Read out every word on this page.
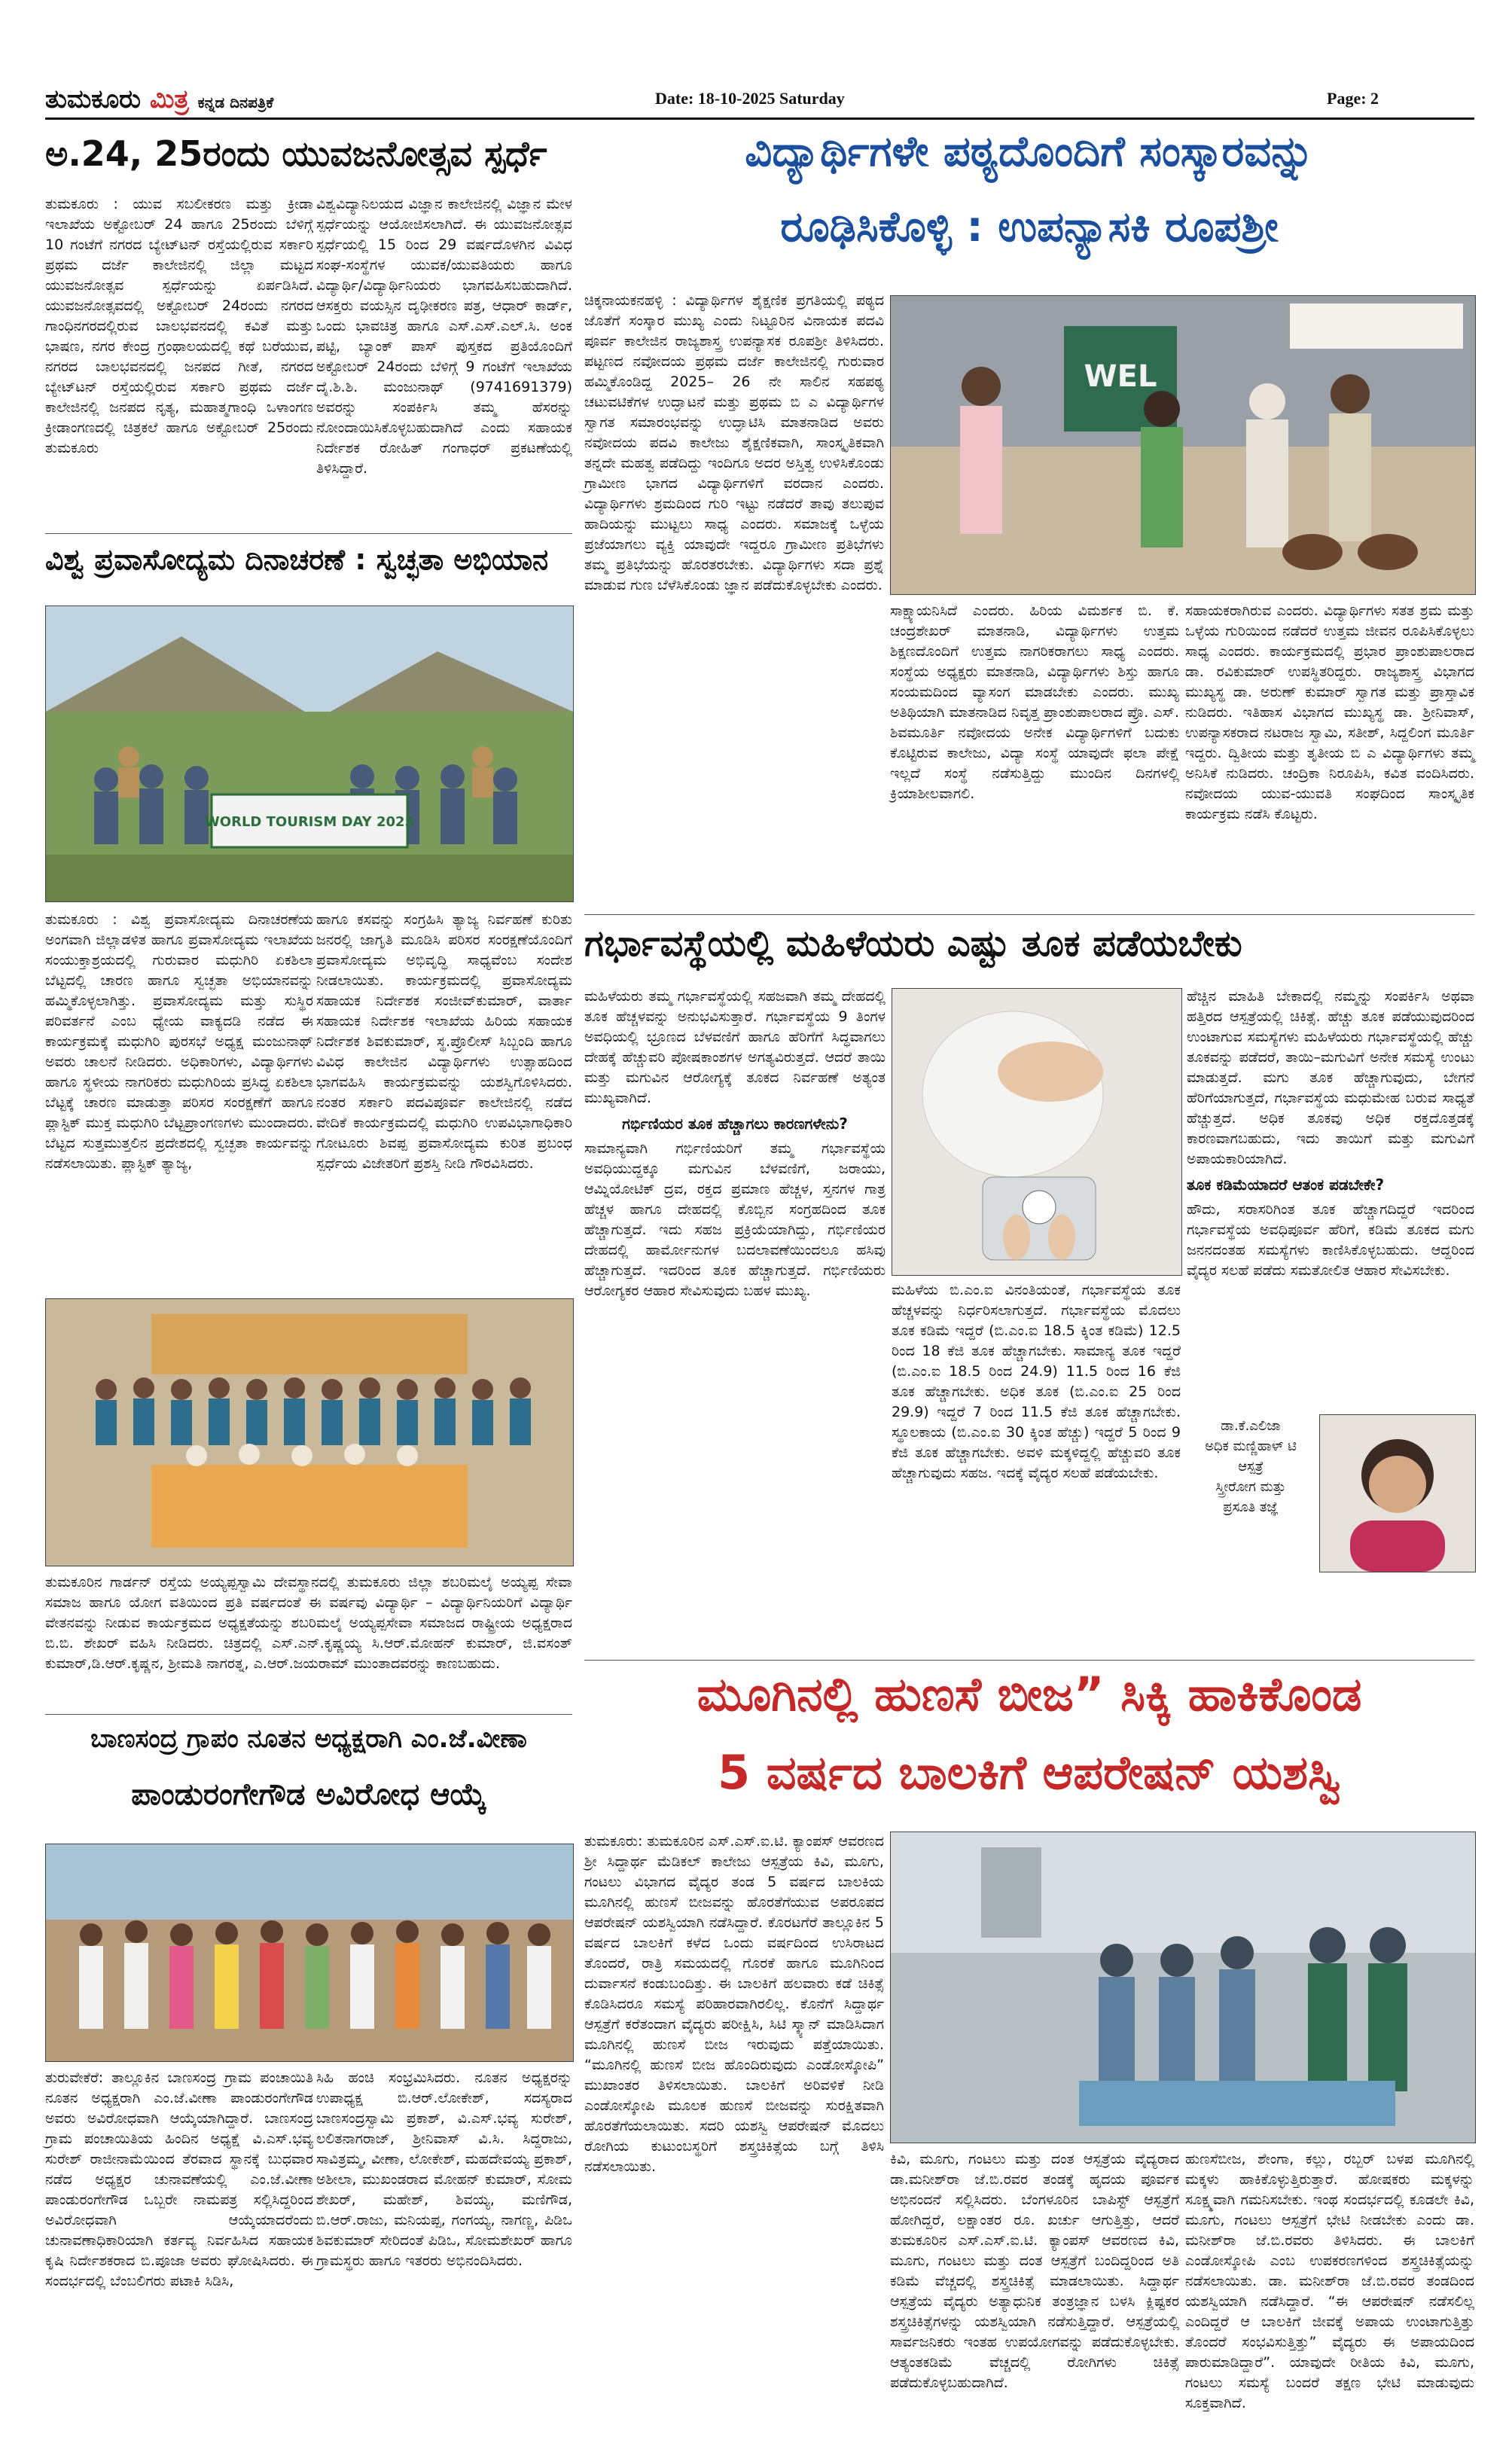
ತುಮಕೂರು ಮಿತ್ರ ಕನ್ನಡ ದಿನಪತ್ರಿಕೆ	Date: 18-10-2025 Saturday	Page: 2
ಅ.24, 25ರಂದು ಯುವಜನೋತ್ಸವ ಸ್ಪರ್ಧೆ
ತುಮಕೂರು : ಯುವ ಸಬಲೀಕರಣ ಮತ್ತು ಕ್ರೀಡಾ ಇಲಾಖೆಯ ಅಕ್ಟೋಬರ್ 24 ಹಾಗೂ 25ರಂದು ಬೆಳಿಗ್ಗೆ 10 ಗಂಟೆಗೆ ನಗರದ ಬ್ಯೇಟ್‌ಟನ್ ರಸ್ತೆಯಲ್ಲಿರುವ ಸರ್ಕಾರಿ ಪ್ರಥಮ ದರ್ಜೆ ಕಾಲೇಜಿನಲ್ಲಿ ಜಿಲ್ಲಾ ಮಟ್ಟದ ಯುವಜನೋತ್ಸವ ಸ್ಪರ್ಧೆಯನ್ನು ಏರ್ಪಡಿಸಿದೆ. ಯುವಜನೋತ್ಸವದಲ್ಲಿ ಅಕ್ಟೋಬರ್ 24ರಂದು ನಗರದ ಗಾಂಧಿನಗರದಲ್ಲಿರುವ ಬಾಲಭವನದಲ್ಲಿ ಕವಿತೆ ಮತ್ತು ಭಾಷಣ, ನಗರ ಕೇಂದ್ರ ಗ್ರಂಥಾಲಯದಲ್ಲಿ ಕಥೆ ಬರೆಯುವ, ನಗರದ ಬಾಲಭವನದಲ್ಲಿ ಜನಪದ ಗೀತೆ, ನಗರದ ಬ್ಯೇಟ್‌ಟನ್ ರಸ್ತೆಯಲ್ಲಿರುವ ಸರ್ಕಾರಿ ಪ್ರಥಮ ದರ್ಜೆ ಕಾಲೇಜಿನಲ್ಲಿ ಜನಪದ ನೃತ್ಯ, ಮಹಾತ್ಮಗಾಂಧಿ ಒಳಾಂಗಣ ಕ್ರೀಡಾಂಗಣದಲ್ಲಿ ಚಿತ್ರಕಲೆ ಹಾಗೂ ಅಕ್ಟೋಬರ್ 25ರಂದು ತುಮಕೂರು
ವಿಶ್ವವಿದ್ಯಾನಿಲಯದ ವಿಜ್ಞಾನ ಕಾಲೇಜಿನಲ್ಲಿ ವಿಜ್ಞಾನ ಮೇಳ ಸ್ಪರ್ಧೆಯನ್ನು ಆಯೋಜಿಸಲಾಗಿದೆ. ಈ ಯುವಜನೋತ್ಸವ ಸ್ಪರ್ಧೆಯಲ್ಲಿ 15 ರಿಂದ 29 ವರ್ಷದೊಳಗಿನ ವಿವಿಧ ಸಂಘ-ಸಂಸ್ಥೆಗಳ ಯುವಕ/ಯುವತಿಯರು ಹಾಗೂ ವಿದ್ಯಾರ್ಥಿ/ವಿದ್ಯಾರ್ಥಿನಿಯರು ಭಾಗವಹಿಸಬಹುದಾಗಿದೆ. ಆಸಕ್ತರು ವಯಸ್ಸಿನ ದೃಢೀಕರಣ ಪತ್ರ, ಆಧಾರ್ ಕಾರ್ಡ್, ಒಂದು ಭಾವಚಿತ್ರ ಹಾಗೂ ಎಸ್.ಎಸ್.ಎಲ್.ಸಿ. ಅಂಕ ಪಟ್ಟಿ, ಬ್ಯಾಂಕ್ ಪಾಸ್ ಪುಸ್ತಕದ ಪ್ರತಿಯೊಂದಿಗೆ ಅಕ್ಟೋಬರ್ 24ರಂದು ಬೆಳಿಗ್ಗೆ 9 ಗಂಟೆಗೆ ಇಲಾಖೆಯ ದೈ.ಶಿ.ಶಿ. ಮಂಜುನಾಥ್ (9741691379) ಅವರನ್ನು ಸಂಪರ್ಕಿಸಿ ತಮ್ಮ ಹೆಸರನ್ನು ನೋಂದಾಯಿಸಿಕೊಳ್ಳಬಹುದಾಗಿದೆ ಎಂದು ಸಹಾಯಕ ನಿರ್ದೇಶಕ ರೋಹಿತ್ ಗಂಗಾಧರ್ ಪ್ರಕಟಣೆಯಲ್ಲಿ ತಿಳಿಸಿದ್ದಾರೆ.
ವಿಶ್ವ ಪ್ರವಾಸೋದ್ಯಮ ದಿನಾಚರಣೆ : ಸ್ವಚ್ಛತಾ ಅಭಿಯಾನ
WORLD TOURISM DAY 2025
ತುಮಕೂರು : ವಿಶ್ವ ಪ್ರವಾಸೋದ್ಯಮ ದಿನಾಚರಣೆಯ ಅಂಗವಾಗಿ ಜಿಲ್ಲಾಡಳಿತ ಹಾಗೂ ಪ್ರವಾಸೋದ್ಯಮ ಇಲಾಖೆಯ ಸಂಯುಕ್ತಾಶ್ರಯದಲ್ಲಿ ಗುರುವಾರ ಮಧುಗಿರಿ ಏಕಶಿಲಾ ಬೆಟ್ಟದಲ್ಲಿ ಚಾರಣ ಹಾಗೂ ಸ್ವಚ್ಛತಾ ಅಭಿಯಾನವನ್ನು ಹಮ್ಮಿಕೊಳ್ಳಲಾಗಿತ್ತು. ಪ್ರವಾಸೋದ್ಯಮ ಮತ್ತು ಸುಸ್ಥಿರ ಪರಿವರ್ತನೆ ಎಂಬ ಧ್ಯೇಯ ವಾಕ್ಯದಡಿ ನಡೆದ ಈ ಕಾರ್ಯಕ್ರಮಕ್ಕೆ ಮಧುಗಿರಿ ಪುರಸಭೆ ಅಧ್ಯಕ್ಷ ಮಂಜುನಾಥ್ ಅವರು ಚಾಲನೆ ನೀಡಿದರು. ಅಧಿಕಾರಿಗಳು, ವಿದ್ಯಾರ್ಥಿಗಳು ಹಾಗೂ ಸ್ಥಳೀಯ ನಾಗರಿಕರು ಮಧುಗಿರಿಯ ಪ್ರಸಿದ್ಧ ಏಕಶಿಲಾ ಬೆಟ್ಟಕ್ಕೆ ಚಾರಣ ಮಾಡುತ್ತಾ ಪರಿಸರ ಸಂರಕ್ಷಣೆಗೆ ಹಾಗೂ ಪ್ಲಾಸ್ಟಿಕ್ ಮುಕ್ತ ಮಧುಗಿರಿ ಬೆಟ್ಟಪ್ರಾಂಗಣಗಳು ಮುಂದಾದರು. ಬೆಟ್ಟದ ಸುತ್ತಮುತ್ತಲಿನ ಪ್ರದೇಶದಲ್ಲಿ ಸ್ವಚ್ಛತಾ ಕಾರ್ಯವನ್ನು ನಡೆಸಲಾಯಿತು. ಪ್ಲಾಸ್ಟಿಕ್ ತ್ಯಾಜ್ಯ,
ಹಾಗೂ ಕಸವನ್ನು ಸಂಗ್ರಹಿಸಿ ತ್ಯಾಜ್ಯ ನಿರ್ವಹಣೆ ಕುರಿತು ಜನರಲ್ಲಿ ಜಾಗೃತಿ ಮೂಡಿಸಿ ಪರಿಸರ ಸಂರಕ್ಷಣೆಯೊಂದಿಗೆ ಪ್ರವಾಸೋದ್ಯಮ ಅಭಿವೃದ್ಧಿ ಸಾಧ್ಯವೆಂಬ ಸಂದೇಶ ನೀಡಲಾಯಿತು. ಕಾರ್ಯಕ್ರಮದಲ್ಲಿ ಪ್ರವಾಸೋದ್ಯಮ ಸಹಾಯಕ ನಿರ್ದೇಶಕ ಸಂಜೀವ್‌ಕುಮಾರ್, ವಾರ್ತಾ ಸಹಾಯಕ ನಿರ್ದೇಶಕ ಇಲಾಖೆಯ ಹಿರಿಯ ಸಹಾಯಕ ನಿರ್ದೇಶಕ ಶಿವಕುಮಾರ್, ಸ್ಥ.ಪ್ರೊಲೀಸ್ ಸಿಬ್ಬಂದಿ ಹಾಗೂ ವಿವಿಧ ಕಾಲೇಜಿನ ವಿದ್ಯಾರ್ಥಿಗಳು ಉತ್ಸಾಹದಿಂದ ಭಾಗವಹಿಸಿ ಕಾರ್ಯಕ್ರಮವನ್ನು ಯಶಸ್ವಿಗೊಳಿಸಿದರು. ನಂತರ ಸರ್ಕಾರಿ ಪದವಿಪೂರ್ವ ಕಾಲೇಜಿನಲ್ಲಿ ನಡೆದ ವೇದಿಕೆ ಕಾರ್ಯಕ್ರಮದಲ್ಲಿ ಮಧುಗಿರಿ ಉಪವಿಭಾಗಾಧಿಕಾರಿ ಗೋಟೂರು ಶಿವಪ್ಪ ಪ್ರವಾಸೋದ್ಯಮ ಕುರಿತ ಪ್ರಬಂಧ ಸ್ಪರ್ಧೆಯ ವಿಜೇತರಿಗೆ ಪ್ರಶಸ್ತಿ ನೀಡಿ ಗೌರವಿಸಿದರು.
ತುಮಕೂರಿನ ಗಾರ್ಡನ್ ರಸ್ತೆಯ ಅಯ್ಯಪ್ಪಸ್ವಾಮಿ ದೇವಸ್ಥಾನದಲ್ಲಿ ತುಮಕೂರು ಜಿಲ್ಲಾ ಶಬರಿಮಲೈ ಅಯ್ಯಪ್ಪ ಸೇವಾ ಸಮಾಜ ಹಾಗೂ ಯೋಗ ವತಿಯಿಂದ ಪ್ರತಿ ವರ್ಷದಂತೆ ಈ ವರ್ಷವು ವಿದ್ಯಾರ್ಥಿ – ವಿದ್ಯಾರ್ಥಿನಿಯರಿಗೆ ವಿದ್ಯಾರ್ಥಿ ವೇತನವನ್ನು ನೀಡುವ ಕಾರ್ಯಕ್ರಮದ ಅಧ್ಯಕ್ಷತೆಯನ್ನು ಶಬರಿಮಲೈ ಅಯ್ಯಪ್ಪಸೇವಾ ಸಮಾಜದ ರಾಷ್ಟ್ರೀಯ ಅಧ್ಯಕ್ಷರಾದ ಬಿ.ಬಿ. ಶೇಖರ್ ವಹಿಸಿ ನೀಡಿದರು. ಚಿತ್ರದಲ್ಲಿ ಎಸ್.ಎನ್.ಕೃಷ್ಣಯ್ಯ ಸಿ.ಆರ್.ಮೋಹನ್ ಕುಮಾರ್, ಜಿ.ವಸಂತ್ ಕುಮಾರ್,ಡಿ.ಆರ್.ಕೃಷ್ಣನ, ಶ್ರೀಮತಿ ನಾಗರತ್ನ, ಎ.ಆರ್.ಜಯರಾಮ್ ಮುಂತಾದವರನ್ನು ಕಾಣಬಹುದು.
ಬಾಣಸಂದ್ರ ಗ್ರಾಪಂ ನೂತನ ಅಧ್ಯಕ್ಷರಾಗಿ ಎಂ.ಜೆ.ವೀಣಾ
ಪಾಂಡುರಂಗೇಗೌಡ ಅವಿರೋಧ ಆಯ್ಕೆ
ತುರುವೇಕೆರೆ: ತಾಲ್ಲೂಕಿನ ಬಾಣಸಂದ್ರ ಗ್ರಾಮ ಪಂಚಾಯಿತಿ ನೂತನ ಅಧ್ಯಕ್ಷರಾಗಿ ಎಂ.ಜೆ.ವೀಣಾ ಪಾಂಡುರಂಗೇಗೌಡ ಅವರು ಅವಿರೋಧವಾಗಿ ಆಯ್ಕೆಯಾಗಿದ್ದಾರೆ. ಬಾಣಸಂದ್ರ ಗ್ರಾಮ ಪಂಚಾಯಿತಿಯ ಹಿಂದಿನ ಅಧ್ಯಕ್ಷೆ ವಿ.ಎಸ್.ಭವ್ಯ ಸುರೇಶ್ ರಾಜೀನಾಮೆಯಿಂದ ತೆರವಾದ ಸ್ಥಾನಕ್ಕೆ ಬುಧವಾರ ನಡೆದ ಅಧ್ಯಕ್ಷರ ಚುನಾವಣೆಯಲ್ಲಿ ಎಂ.ಜೆ.ವೀಣಾ ಪಾಂಡುರಂಗೇಗೌಡ ಒಬ್ಬರೇ ನಾಮಪತ್ರ ಸಲ್ಲಿಸಿದ್ದರಿಂದ ಅವಿರೋಧವಾಗಿ ಆಯ್ಕೆಯಾದರೆಂದು ಚುನಾವಣಾಧಿಕಾರಿಯಾಗಿ ಕರ್ತವ್ಯ ನಿರ್ವಹಿಸಿದ ಸಹಾಯಕ ಕೃಷಿ ನಿರ್ದೇಶಕರಾದ ಬಿ.ಪೂಜಾ ಅವರು ಘೋಷಿಸಿದರು. ಈ ಸಂದರ್ಭದಲ್ಲಿ ಬೆಂಬಲಿಗರು ಪಟಾಕಿ ಸಿಡಿಸಿ,
ಸಿಹಿ ಹಂಚಿ ಸಂಭ್ರಮಿಸಿದರು. ನೂತನ ಅಧ್ಯಕ್ಷರನ್ನು ಉಪಾಧ್ಯಕ್ಷ ಬಿ.ಆರ್.ಲೋಕೇಶ್, ಸದಸ್ಯರಾದ ಬಾಣಸಂದ್ರಸ್ವಾಮಿ ಪ್ರಕಾಶ್, ವಿ.ಎಸ್.ಭವ್ಯ ಸುರೇಶ್, ಲಲಿತನಾಗರಾಜ್, ಶ್ರೀನಿವಾಸ್ ವಿ.ಸಿ. ಸಿದ್ದರಾಜು, ಸಾವಿತ್ರಮ್ಮ, ವೀಣಾ, ಲೋಕೇಶ್, ಮಹದೇವಯ್ಯ ಪ್ರಕಾಶ್, ಅಶೀಲಾ, ಮುಖಂಡರಾದ ಮೋಹನ್ ಕುಮಾರ್, ಸೋಮ ಶೇಖರ್, ಮಹೇಶ್, ಶಿವಯ್ಯ, ಮಣಿಗೌಡ, ಬಿ.ಆರ್.ರಾಜು, ಮನಿಯಪ್ಪ, ಗಂಗಯ್ಯ, ನಾಗಣ್ಣ, ಪಿಡಿಒ ಶಿವಕುಮಾರ್ ಸೇರಿದಂತೆ ಪಿಡಿಒ, ಸೋಮಶೇಖರ್ ಹಾಗೂ ಗ್ರಾಮಸ್ಥರು ಹಾಗೂ ಇತರರು ಅಭಿನಂದಿಸಿದರು.
ವಿದ್ಯಾರ್ಥಿಗಳೇ ಪಠ್ಯದೊಂದಿಗೆ ಸಂಸ್ಕಾರವನ್ನು
ರೂಢಿಸಿಕೊಳ್ಳಿ : ಉಪನ್ಯಾಸಕಿ ರೂಪಶ್ರೀ
ಚಿಕ್ಕನಾಯಕನಹಳ್ಳಿ : ವಿದ್ಯಾರ್ಥಿಗಳ ಶೈಕ್ಷಣಿಕ ಪ್ರಗತಿಯಲ್ಲಿ ಪಠ್ಯದ ಜೊತೆಗೆ ಸಂಸ್ಕಾರ ಮುಖ್ಯ ಎಂದು ನಿಟ್ಟೂರಿನ ವಿನಾಯಕ ಪದವಿ ಪೂರ್ವ ಕಾಲೇಜಿನ ರಾಜ್ಯಶಾಸ್ತ್ರ ಉಪನ್ಯಾಸಕ ರೂಪಶ್ರೀ ತಿಳಿಸಿದರು. ಪಟ್ಟಣದ ನವೋದಯ ಪ್ರಥಮ ದರ್ಜೆ ಕಾಲೇಜಿನಲ್ಲಿ ಗುರುವಾರ ಹಮ್ಮಿಕೊಂಡಿದ್ದ 2025– 26 ನೇ ಸಾಲಿನ ಸಹಪಠ್ಯ ಚಟುವಟಿಕೆಗಳ ಉದ್ಘಾಟನೆ ಮತ್ತು ಪ್ರಥಮ ಬಿ ಎ ವಿದ್ಯಾರ್ಥಿಗಳ ಸ್ವಾಗತ ಸಮಾರಂಭವನ್ನು ಉದ್ಘಾಟಿಸಿ ಮಾತನಾಡಿದ ಅವರು ನವೋದಯ ಪದವಿ ಕಾಲೇಜು ಶೈಕ್ಷಣಿಕವಾಗಿ, ಸಾಂಸ್ಕೃತಿಕವಾಗಿ ತನ್ನದೇ ಮಹತ್ವ ಪಡೆದಿದ್ದು ಇಂದಿಗೂ ಅದರ ಅಸ್ತಿತ್ವ ಉಳಿಸಿಕೊಂಡು ಗ್ರಾಮೀಣ ಭಾಗದ ವಿದ್ಯಾರ್ಥಿಗಳಿಗೆ ವರದಾನ ಎಂದರು. ವಿದ್ಯಾರ್ಥಿಗಳು ಶ್ರಮದಿಂದ ಗುರಿ ಇಟ್ಟು ನಡೆದರೆ ತಾವು ತಲುಪುವ ಹಾದಿಯನ್ನು ಮುಟ್ಟಲು ಸಾಧ್ಯ ಎಂದರು. ಸಮಾಜಕ್ಕೆ ಒಳ್ಳೆಯ ಪ್ರಜೆಯಾಗಲು ವ್ಯಕ್ತಿ ಯಾವುದೇ ಇದ್ದರೂ ಗ್ರಾಮೀಣ ಪ್ರತಿಭೆಗಳು ತಮ್ಮ ಪ್ರತಿಭೆಯನ್ನು ಹೊರತರಬೇಕು. ವಿದ್ಯಾರ್ಥಿಗಳು ಸದಾ ಪ್ರಶ್ನೆ ಮಾಡುವ ಗುಣ ಬೆಳೆಸಿಕೊಂಡು ಜ್ಞಾನ ಪಡೆದುಕೊಳ್ಳಬೇಕು ಎಂದರು.
WEL
ಸಾಕ್ಷ್ಯಾಯನಿಸಿದೆ ಎಂದರು. ಹಿರಿಯ ವಿಮರ್ಶಕ ಬಿ. ಕೆ. ಚಂದ್ರಶೇಖರ್ ಮಾತನಾಡಿ, ವಿದ್ಯಾರ್ಥಿಗಳು ಉತ್ತಮ ಶಿಕ್ಷಣದೊಂದಿಗೆ ಉತ್ತಮ ನಾಗರಿಕರಾಗಲು ಸಾಧ್ಯ ಎಂದರು. ಸಂಸ್ಥೆಯ ಅಧ್ಯಕ್ಷರು ಮಾತನಾಡಿ, ವಿದ್ಯಾರ್ಥಿಗಳು ಶಿಸ್ತು ಹಾಗೂ ಸಂಯಮದಿಂದ ವ್ಯಾಸಂಗ ಮಾಡಬೇಕು ಎಂದರು. ಮುಖ್ಯ ಅತಿಥಿಯಾಗಿ ಮಾತನಾಡಿದ ನಿವೃತ್ತ ಪ್ರಾಂಶುಪಾಲರಾದ ಪ್ರೊ. ಎಸ್. ಶಿವಮೂರ್ತಿ ನವೋದಯ ಅನೇಕ ವಿದ್ಯಾರ್ಥಿಗಳಿಗೆ ಬದುಕು ಕೊಟ್ಟಿರುವ ಕಾಲೇಜು, ವಿದ್ಯಾ ಸಂಸ್ಥೆ ಯಾವುದೇ ಫಲಾ ಪೇಕ್ಷೆ ಇಲ್ಲದೆ ಸಂಸ್ಥೆ ನಡೆಸುತ್ತಿದ್ದು ಮುಂದಿನ ದಿನಗಳಲ್ಲಿ ಕ್ರಿಯಾಶೀಲವಾಗಲಿ.
ಸಹಾಯಕರಾಗಿರುವ ಎಂದರು. ವಿದ್ಯಾರ್ಥಿಗಳು ಸತತ ಶ್ರಮ ಮತ್ತು ಒಳ್ಳೆಯ ಗುರಿಯಿಂದ ನಡೆದರೆ ಉತ್ತಮ ಜೀವನ ರೂಪಿಸಿಕೊಳ್ಳಲು ಸಾಧ್ಯ ಎಂದರು. ಕಾರ್ಯಕ್ರಮದಲ್ಲಿ ಪ್ರಭಾರ ಪ್ರಾಂಶುಪಾಲರಾದ ಡಾ. ರವಿಕುಮಾರ್ ಉಪಸ್ಥಿತರಿದ್ದರು. ರಾಜ್ಯಶಾಸ್ತ್ರ ವಿಭಾಗದ ಮುಖ್ಯಸ್ಥ ಡಾ. ಅರುಣ್ ಕುಮಾರ್ ಸ್ವಾಗತ ಮತ್ತು ಪ್ರಾಸ್ತಾವಿಕ ನುಡಿದರು. ಇತಿಹಾಸ ವಿಭಾಗದ ಮುಖ್ಯಸ್ಥ ಡಾ. ಶ್ರೀನಿವಾಸ್, ಉಪನ್ಯಾಸಕರಾದ ನಟರಾಜ ಸ್ವಾಮಿ, ಸತೀಶ್, ಸಿದ್ದಲಿಂಗ ಮೂರ್ತಿ ಇದ್ದರು. ದ್ವಿತೀಯ ಮತ್ತು ತೃತೀಯ ಬಿ ಎ ವಿದ್ಯಾರ್ಥಿಗಳು ತಮ್ಮ ಅನಿಸಿಕೆ ನುಡಿದರು. ಚಂದ್ರಿಕಾ ನಿರೂಪಿಸಿ, ಕವಿತ ವಂದಿಸಿದರು. ನವೋದಯ ಯುವ-ಯುವತಿ ಸಂಘದಿಂದ ಸಾಂಸ್ಕೃತಿಕ ಕಾರ್ಯಕ್ರಮ ನಡೆಸಿ ಕೊಟ್ಟರು.
ಗರ್ಭಾವಸ್ಥೆಯಲ್ಲಿ ಮಹಿಳೆಯರು ಎಷ್ಟು ತೂಕ ಪಡೆಯಬೇಕು

ಮಹಿಳೆಯರು ತಮ್ಮ ಗರ್ಭಾವಸ್ಥೆಯಲ್ಲಿ ಸಹಜವಾಗಿ ತಮ್ಮ ದೇಹದಲ್ಲಿ ತೂಕ ಹೆಚ್ಚಳವನ್ನು ಅನುಭವಿಸುತ್ತಾರೆ. ಗರ್ಭಾವಸ್ಥೆಯ 9 ತಿಂಗಳ ಅವಧಿಯಲ್ಲಿ ಭ್ರೂಣದ ಬೆಳವಣಿಗೆ ಹಾಗೂ ಹೆರಿಗೆಗೆ ಸಿದ್ಧವಾಗಲು ದೇಹಕ್ಕೆ ಹೆಚ್ಚುವರಿ ಪೋಷಕಾಂಶಗಳ ಅಗತ್ಯವಿರುತ್ತದೆ. ಆದರೆ ತಾಯಿ ಮತ್ತು ಮಗುವಿನ ಆರೋಗ್ಯಕ್ಕೆ ತೂಕದ ನಿರ್ವಹಣೆ ಅತ್ಯಂತ ಮುಖ್ಯವಾಗಿದೆ.

ಗರ್ಭಿಣಿಯರ ತೂಕ ಹೆಚ್ಚಾಗಲು ಕಾರಣಗಳೇನು?

ಸಾಮಾನ್ಯವಾಗಿ ಗರ್ಭಿಣಿಯರಿಗೆ ತಮ್ಮ ಗರ್ಭಾವಸ್ಥೆಯ ಅವಧಿಯುದ್ದಕ್ಕೂ ಮಗುವಿನ ಬೆಳವಣಿಗೆ, ಜರಾಯು, ಆಮ್ನಿಯೋಟಿಕ್ ದ್ರವ, ರಕ್ತದ ಪ್ರಮಾಣ ಹೆಚ್ಚಳ, ಸ್ತನಗಳ ಗಾತ್ರ ಹೆಚ್ಚಳ ಹಾಗೂ ದೇಹದಲ್ಲಿ ಕೊಬ್ಬಿನ ಸಂಗ್ರಹದಿಂದ ತೂಕ ಹೆಚ್ಚಾಗುತ್ತದೆ. ಇದು ಸಹಜ ಪ್ರಕ್ರಿಯೆಯಾಗಿದ್ದು, ಗರ್ಭಿಣಿಯರ ದೇಹದಲ್ಲಿ ಹಾರ್ಮೋನುಗಳ ಬದಲಾವಣೆಯಿಂದಲೂ ಹಸಿವು ಹೆಚ್ಚಾಗುತ್ತದೆ. ಇದರಿಂದ ತೂಕ ಹೆಚ್ಚಾಗುತ್ತದೆ. ಗರ್ಭಿಣಿಯರು ಆರೋಗ್ಯಕರ ಆಹಾರ ಸೇವಿಸುವುದು ಬಹಳ ಮುಖ್ಯ.	ಮಹಿಳೆಯ ಬಿ.ಎಂ.ಐ ವಿನಂತಿಯಂತೆ, ಗರ್ಭಾವಸ್ಥೆಯ ತೂಕ ಹೆಚ್ಚಳವನ್ನು ನಿರ್ಧರಿಸಲಾಗುತ್ತದೆ. ಗರ್ಭಾವಸ್ಥೆಯ ಮೊದಲು ತೂಕ ಕಡಿಮೆ ಇದ್ದರೆ (ಬಿ.ಎಂ.ಐ 18.5 ಕ್ಕಿಂತ ಕಡಿಮೆ) 12.5 ರಿಂದ 18 ಕೆಜಿ ತೂಕ ಹೆಚ್ಚಾಗಬೇಕು. ಸಾಮಾನ್ಯ ತೂಕ ಇದ್ದರೆ (ಬಿ.ಎಂ.ಐ 18.5 ರಿಂದ 24.9) 11.5 ರಿಂದ 16 ಕೆಜಿ ತೂಕ ಹೆಚ್ಚಾಗಬೇಕು. ಅಧಿಕ ತೂಕ (ಬಿ.ಎಂ.ಐ 25 ರಿಂದ 29.9) ಇದ್ದರೆ 7 ರಿಂದ 11.5 ಕೆಜಿ ತೂಕ ಹೆಚ್ಚಾಗಬೇಕು. ಸ್ಥೂಲಕಾಯ (ಬಿ.ಎಂ.ಐ 30 ಕ್ಕಿಂತ ಹೆಚ್ಚು) ಇದ್ದರೆ 5 ರಿಂದ 9 ಕೆಜಿ ತೂಕ ಹೆಚ್ಚಾಗಬೇಕು. ಅವಳಿ ಮಕ್ಕಳಿದ್ದಲ್ಲಿ ಹೆಚ್ಚುವರಿ ತೂಕ ಹೆಚ್ಚಾಗುವುದು ಸಹಜ. ಇದಕ್ಕೆ ವೈದ್ಯರ ಸಲಹೆ ಪಡೆಯಬೇಕು.

ಹೆಚ್ಚಿನ ಮಾಹಿತಿ ಬೇಕಾದಲ್ಲಿ ನಮ್ಮನ್ನು ಸಂಪರ್ಕಿಸಿ ಅಥವಾ ಹತ್ತಿರದ ಆಸ್ಪತ್ರೆಯಲ್ಲಿ ಚಿಕಿತ್ಸೆ. ಹೆಚ್ಚು ತೂಕ ಪಡೆಯುವುದರಿಂದ ಉಂಟಾಗುವ ಸಮಸ್ಯೆಗಳು ಮಹಿಳೆಯರು ಗರ್ಭಾವಸ್ಥೆಯಲ್ಲಿ ಹೆಚ್ಚು ತೂಕವನ್ನು ಪಡೆದರೆ, ತಾಯಿ–ಮಗುವಿಗೆ ಅನೇಕ ಸಮಸ್ಯೆ ಉಂಟು ಮಾಡುತ್ತದೆ. ಮಗು ತೂಕ ಹೆಚ್ಚಾಗುವುದು, ಬೇಗನೆ ಹೆರಿಗೆಯಾಗುತ್ತದೆ, ಗರ್ಭಾವಸ್ಥೆಯ ಮಧುಮೇಹ ಬರುವ ಸಾಧ್ಯತೆ ಹೆಚ್ಚುತ್ತದೆ. ಅಧಿಕ ತೂಕವು ಅಧಿಕ ರಕ್ತದೊತ್ತಡಕ್ಕೆ ಕಾರಣವಾಗಬಹುದು, ಇದು ತಾಯಿಗೆ ಮತ್ತು ಮಗುವಿಗೆ ಅಪಾಯಕಾರಿಯಾಗಿದೆ.

ತೂಕ ಕಡಿಮೆಯಾದರೆ ಆತಂಕ ಪಡಬೇಕೇ?

ಹೌದು, ಸರಾಸರಿಗಿಂತ ತೂಕ ಹೆಚ್ಚಾಗದಿದ್ದರೆ ಇದರಿಂದ ಗರ್ಭಾವಸ್ಥೆಯ ಅವಧಿಪೂರ್ವ ಹೆರಿಗೆ, ಕಡಿಮೆ ತೂಕದ ಮಗು ಜನನದಂತಹ ಸಮಸ್ಯೆಗಳು ಕಾಣಿಸಿಕೊಳ್ಳಬಹುದು. ಆದ್ದರಿಂದ ವೈದ್ಯರ ಸಲಹೆ ಪಡೆದು ಸಮತೋಲಿತ ಆಹಾರ ಸೇವಿಸಬೇಕು.

ಡಾ.ಕೆ.ಎಲಿಜಾ
ಅಧಿಕ ಮಣ್ಣಿಹಾಳ್ ಟಿ
ಆಸ್ಪತ್ರೆ
ಸ್ತ್ರೀರೋಗ ಮತ್ತು
ಪ್ರಸೂತಿ ತಜ್ಞೆ
ಮೂಗಿನಲ್ಲಿ ಹುಣಸೆ ಬೀಜ” ಸಿಕ್ಕಿ ಹಾಕಿಕೊಂಡ
5 ವರ್ಷದ ಬಾಲಕಿಗೆ ಆಪರೇಷನ್ ಯಶಸ್ವಿ
ತುಮಕೂರು: ತುಮಕೂರಿನ ಎಸ್.ಎಸ್.ಐ.ಟಿ. ಕ್ಯಾಂಪಸ್ ಆವರಣದ ಶ್ರೀ ಸಿದ್ದಾರ್ಥ ಮೆಡಿಕಲ್ ಕಾಲೇಜು ಆಸ್ಪತ್ರೆಯ ಕಿವಿ, ಮೂಗು, ಗಂಟಲು ವಿಭಾಗದ ವೈದ್ಯರ ತಂಡ 5 ವರ್ಷದ ಬಾಲಕಿಯ ಮೂಗಿನಲ್ಲಿ ಹುಣಸೆ ಬೀಜವನ್ನು ಹೊರತೆಗೆಯುವ ಅಪರೂಪದ ಆಪರೇಷನ್ ಯಶಸ್ವಿಯಾಗಿ ನಡೆಸಿದ್ದಾರೆ. ಕೊರಟಗೆರೆ ತಾಲ್ಲೂಕಿನ 5 ವರ್ಷದ ಬಾಲಕಿಗೆ ಕಳೆದ ಒಂದು ವರ್ಷದಿಂದ ಉಸಿರಾಟದ ತೊಂದರೆ, ರಾತ್ರಿ ಸಮಯದಲ್ಲಿ ಗೊರಕೆ ಹಾಗೂ ಮೂಗಿನಿಂದ ದುರ್ವಾಸನೆ ಕಂಡುಬಂದಿತ್ತು. ಈ ಬಾಲಕಿಗೆ ಹಲವಾರು ಕಡೆ ಚಿಕಿತ್ಸೆ ಕೊಡಿಸಿದರೂ ಸಮಸ್ಯೆ ಪರಿಹಾರವಾಗಿರಲಿಲ್ಲ. ಕೊನೆಗೆ ಸಿದ್ದಾರ್ಥ ಆಸ್ಪತ್ರೆಗೆ ಕರೆತಂದಾಗ ವೈದ್ಯರು ಪರೀಕ್ಷಿಸಿ, ಸಿಟಿ ಸ್ಕ್ಯಾನ್ ಮಾಡಿಸಿದಾಗ ಮೂಗಿನಲ್ಲಿ ಹುಣಸೆ ಬೀಜ ಇರುವುದು ಪತ್ತೆಯಾಯಿತು. “ಮೂಗಿನಲ್ಲಿ ಹುಣಸೆ ಬೀಜ ಹೊಂದಿರುವುದು ಎಂಡೋಸ್ಕೋಪಿ” ಮುಖಾಂತರ ತಿಳಿಸಲಾಯಿತು. ಬಾಲಕಿಗೆ ಅರಿವಳಿಕೆ ನೀಡಿ ಎಂಡೋಸ್ಕೋಪಿ ಮೂಲಕ ಹುಣಸೆ ಬೀಜವನ್ನು ಸುರಕ್ಷಿತವಾಗಿ ಹೊರತೆಗೆಯಲಾಯಿತು. ಸದರಿ ಯಶಸ್ವಿ ಆಪರೇಷನ್ ಮೊದಲು ರೋಗಿಯ ಕುಟುಂಬಸ್ಥರಿಗೆ ಶಸ್ತ್ರಚಿಕಿತ್ಸೆಯ ಬಗ್ಗೆ ತಿಳಿಸಿ ನಡೆಸಲಾಯಿತು.	ಕಿವಿ, ಮೂಗು, ಗಂಟಲು ಮತ್ತು ದಂತ ಆಸ್ಪತ್ರೆಯ ವೈದ್ಯರಾದ ಡಾ.ಮನೀಶ್‌ರಾ ಜೆ.ಬಿ.ರವರ ತಂಡಕ್ಕೆ ಹೃದಯ ಪೂರ್ವಕ ಅಭಿನಂದನೆ ಸಲ್ಲಿಸಿದರು. ಬೆಂಗಳೂರಿನ ಬಾಪಿಸ್ಟ್ ಆಸ್ಪತ್ರೆಗೆ ಹೋಗಿದ್ದರೆ, ಲಕ್ಷಾಂತರ ರೂ. ಖರ್ಚು ಆಗುತ್ತಿತ್ತು, ಆದರೆ ತುಮಕೂರಿನ ಎಸ್.ಎಸ್.ಐ.ಟಿ. ಕ್ಯಾಂಪಸ್ ಆವರಣದ ಕಿವಿ, ಮೂಗು, ಗಂಟಲು ಮತ್ತು ದಂತ ಆಸ್ಪತ್ರೆಗೆ ಬಂದಿದ್ದರಿಂದ ಅತಿ ಕಡಿಮೆ ವೆಚ್ಚದಲ್ಲಿ ಶಸ್ತ್ರಚಿಕಿತ್ಸೆ ಮಾಡಲಾಯಿತು. ಸಿದ್ದಾರ್ಥ ಆಸ್ಪತ್ರೆಯ ವೈದ್ಯರು ಅತ್ಯಾಧುನಿಕ ತಂತ್ರಜ್ಞಾನ ಬಳಸಿ ಕ್ಲಿಷ್ಟಕರ ಶಸ್ತ್ರಚಿಕಿತ್ಸೆಗಳನ್ನು ಯಶಸ್ವಿಯಾಗಿ ನಡೆಸುತ್ತಿದ್ದಾರೆ. ಆಸ್ಪತ್ರೆಯಲ್ಲಿ ಸಾರ್ವಜನಿಕರು ಇಂತಹ ಉಪಯೋಗವನ್ನು ಪಡೆದುಕೊಳ್ಳಬೇಕು. ಆತ್ಯಂತಕಡಿಮೆ ವೆಚ್ಚದಲ್ಲಿ ರೋಗಿಗಳು ಚಿಕಿತ್ಸೆ ಪಡೆದುಕೊಳ್ಳಬಹುದಾಗಿದೆ.
ಹುಣಸೆಬೀಜ, ಶೇಂಗಾ, ಕಲ್ಲು, ರಬ್ಬರ್ ಬಳಪ ಮೂಗಿನಲ್ಲಿ ಮಕ್ಕಳು ಹಾಕಿಕೊಳ್ಳುತ್ತಿರುತ್ತಾರೆ. ಹೋಷಕರು ಮಕ್ಕಳನ್ನು ಸೂಕ್ಷ್ಮವಾಗಿ ಗಮನಿಸಬೇಕು. ಇಂಥ ಸಂದರ್ಭದಲ್ಲಿ ಕೂಡಲೇ ಕಿವಿ, ಮೂಗು, ಗಂಟಲು ಆಸ್ಪತ್ರೆಗೆ ಭೇಟಿ ನೀಡಬೇಕು ಎಂದು ಡಾ. ಮನೀಶ್‌ರಾ ಜೆ.ಬಿ.ರವರು ತಿಳಿಸಿದರು. ಈ ಬಾಲಕಿಗೆ ಎಂಡೋಸ್ಕೋಪಿ ಎಂಬ ಉಪಕರಣಗಳಿಂದ ಶಸ್ತ್ರಚಿಕಿತ್ಸೆಯನ್ನು ನಡೆಸಲಾಯಿತು. ಡಾ. ಮನೀಶ್‌ರಾ ಜೆ.ಬಿ.ರವರ ತಂಡದಿಂದ ಯಶಸ್ವಿಯಾಗಿ ನಡೆಸಿದ್ದಾರೆ. “ಈ ಆಪರೇಷನ್ ನಡೆಸಲಿಲ್ಲ ಎಂದಿದ್ದರೆ ಆ ಬಾಲಕಿಗೆ ಜೀವಕ್ಕೆ ಅಪಾಯ ಉಂಟಾಗುತ್ತಿತ್ತು ತೊಂದರೆ ಸಂಭವಿಸುತ್ತಿತ್ತು” ವೈದ್ಯರು ಈ ಅಪಾಯದಿಂದ ಪಾರುಮಾಡಿದ್ದಾರೆ”. ಯಾವುದೇ ರೀತಿಯ ಕಿವಿ, ಮೂಗು, ಗಂಟಲು ಸಮಸ್ಯೆ ಬಂದರೆ ತಕ್ಷಣ ಭೇಟಿ ಮಾಡುವುದು ಸೂಕ್ತವಾಗಿದೆ.
